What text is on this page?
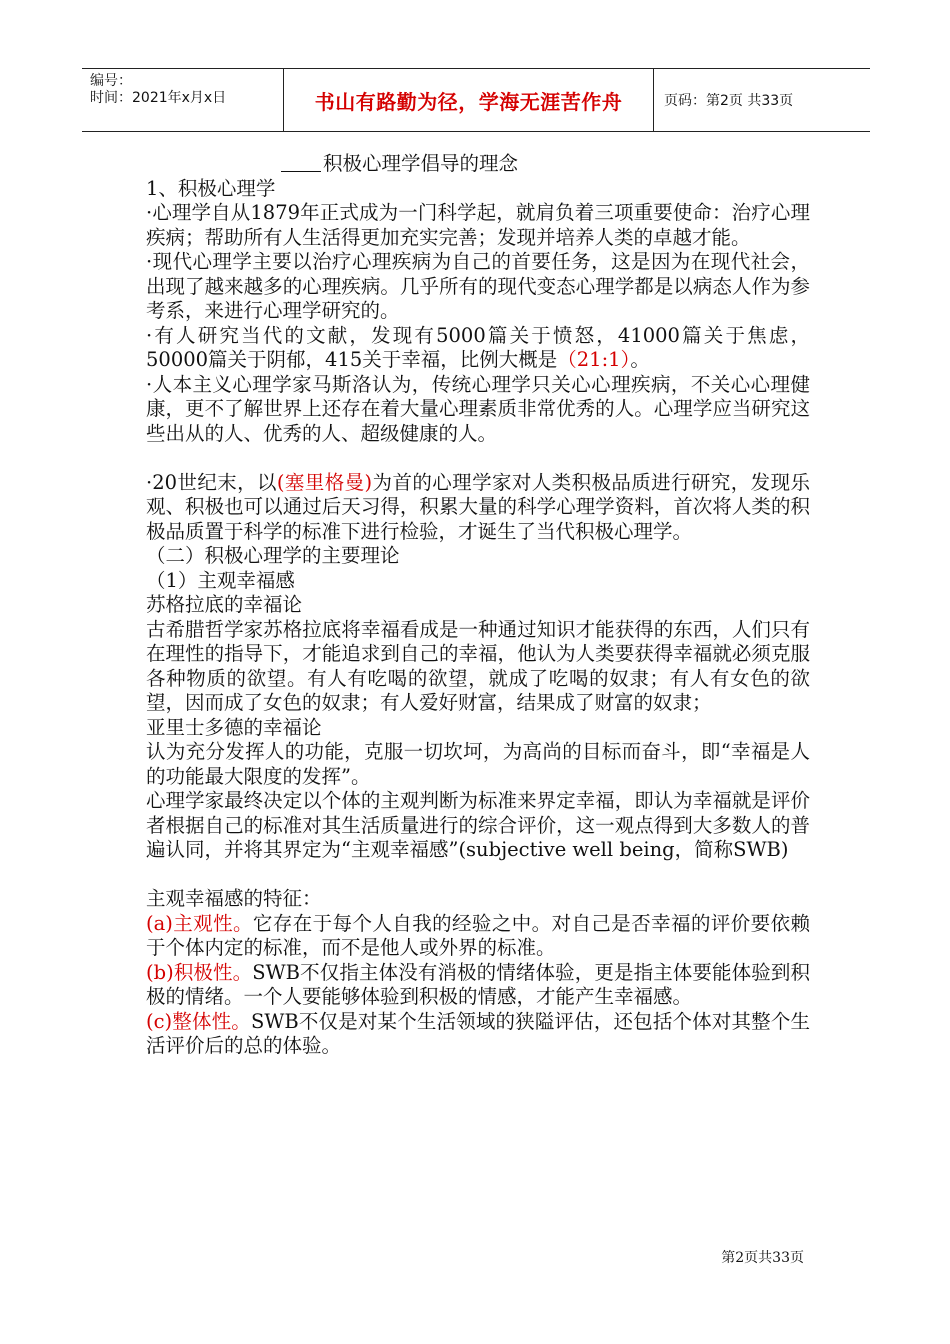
编号：
时间：2021年x月x日	书山有路勤为径，学海无涯苦作舟	页码：第2页 共33页

积极心理学倡导的理念

1、积极心理学

·心理学自从1879年正式成为一门科学起，就肩负着三项重要使命：治疗心理疾病；帮助所有人生活得更加充实完善；发现并培养人类的卓越才能。

·现代心理学主要以治疗心理疾病为自己的首要任务，这是因为在现代社会，出现了越来越多的心理疾病。几乎所有的现代变态心理学都是以病态人作为参考系，来进行心理学研究的。

·有人研究当代的文献，发现有5000篇关于愤怒，41000篇关于焦虑，50000篇关于阴郁，415关于幸福，比例大概是（21:1）。

·人本主义心理学家马斯洛认为，传统心理学只关心心理疾病，不关心心理健康，更不了解世界上还存在着大量心理素质非常优秀的人。心理学应当研究这些出从的人、优秀的人、超级健康的人。

·20世纪末，以(塞里格曼)为首的心理学家对人类积极品质进行研究，发现乐观、积极也可以通过后天习得，积累大量的科学心理学资料，首次将人类的积极品质置于科学的标准下进行检验，才诞生了当代积极心理学。

（二）积极心理学的主要理论

（1）主观幸福感

苏格拉底的幸福论

古希腊哲学家苏格拉底将幸福看成是一种通过知识才能获得的东西，人们只有在理性的指导下，才能追求到自己的幸福，他认为人类要获得幸福就必须克服各种物质的欲望。有人有吃喝的欲望，就成了吃喝的奴隶；有人有女色的欲望，因而成了女色的奴隶；有人爱好财富，结果成了财富的奴隶；

亚里士多德的幸福论

认为充分发挥人的功能，克服一切坎坷，为高尚的目标而奋斗，即“幸福是人的功能最大限度的发挥”。

心理学家最终决定以个体的主观判断为标准来界定幸福，即认为幸福就是评价者根据自己的标准对其生活质量进行的综合评价，这一观点得到大多数人的普遍认同，并将其界定为“主观幸福感”(subjective well being，简称SWB)

主观幸福感的特征：

(a)主观性。它存在于每个人自我的经验之中。对自己是否幸福的评价要依赖于个体内定的标准，而不是他人或外界的标准。

(b)积极性。SWB不仅指主体没有消极的情绪体验，更是指主体要能体验到积极的情绪。一个人要能够体验到积极的情感，才能产生幸福感。

(c)整体性。SWB不仅是对某个生活领域的狭隘评估，还包括个体对其整个生活评价后的总的体验。

第2页共33页
